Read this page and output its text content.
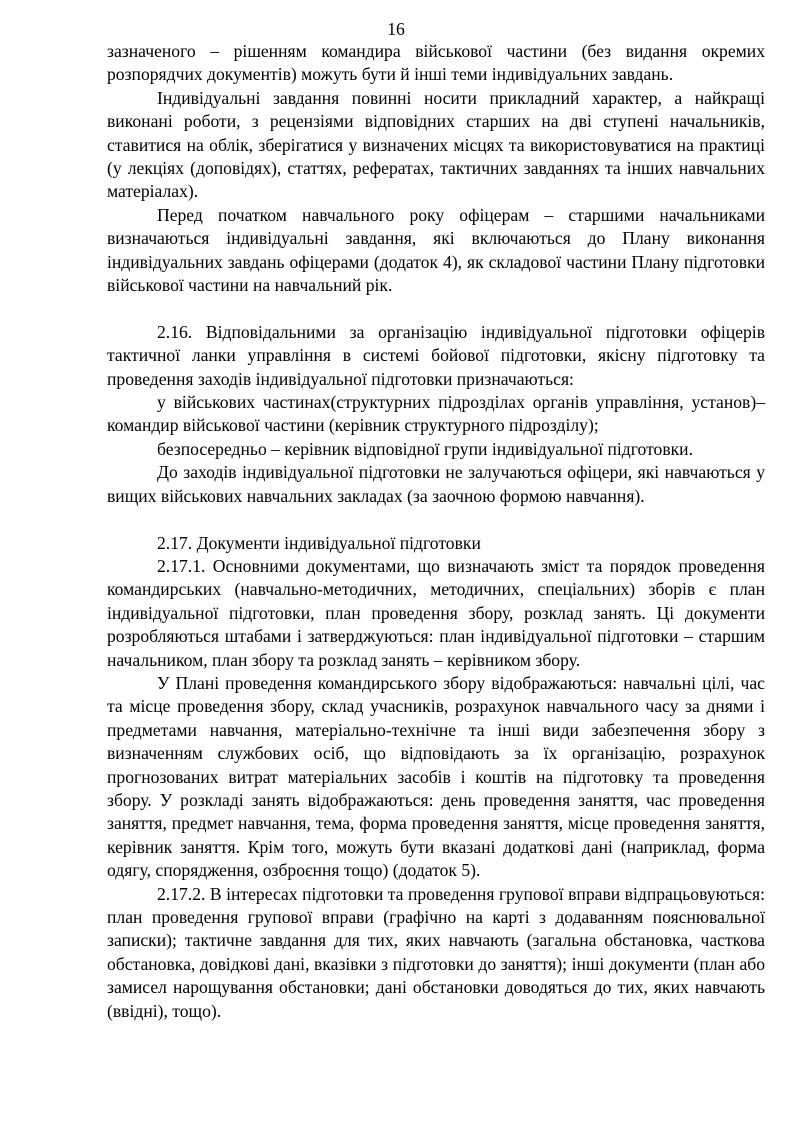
16

зазначеного – рішенням командира військової частини (без видання окремих розпорядчих документів) можуть бути й інші теми індивідуальних завдань.

Індивідуальні завдання повинні носити прикладний характер, а найкращі виконані роботи, з рецензіями відповідних старших на дві ступені начальників, ставитися на облік, зберігатися у визначених місцях та використовуватися на практиці (у лекціях (доповідях), статтях, рефератах, тактичних завданнях та інших навчальних матеріалах).

Перед початком навчального року офіцерам – старшими начальниками визначаються індивідуальні завдання, які включаються до Плану виконання індивідуальних завдань офіцерами (додаток 4), як складової частини Плану підготовки військової частини на навчальний рік.

2.16. Відповідальними за організацію індивідуальної підготовки офіцерів тактичної ланки управління в системі бойової підготовки, якісну підготовку та проведення заходів індивідуальної підготовки призначаються:

у військових частинах(структурних підрозділах органів управління, установ)– командир військової частини (керівник структурного підрозділу);

безпосередньо – керівник відповідної групи індивідуальної підготовки.

До заходів індивідуальної підготовки не залучаються офіцери, які навчаються у вищих військових навчальних закладах (за заочною формою навчання).

2.17. Документи індивідуальної підготовки

2.17.1. Основними документами, що визначають зміст та порядок проведення командирських (навчально-методичних, методичних, спеціальних) зборів є план індивідуальної підготовки, план проведення збору, розклад занять. Ці документи розробляються штабами і затверджуються: план індивідуальної підготовки – старшим начальником, план збору та розклад занять – керівником збору.

У Плані проведення командирського збору відображаються: навчальні цілі, час та місце проведення збору, склад учасників, розрахунок навчального часу за днями і предметами навчання, матеріально-технічне та інші види забезпечення збору з визначенням службових осіб, що відповідають за їх організацію, розрахунок прогнозованих витрат матеріальних засобів і коштів на підготовку та проведення збору. У розкладі занять відображаються: день проведення заняття, час проведення заняття, предмет навчання, тема, форма проведення заняття, місце проведення заняття, керівник заняття. Крім того, можуть бути вказані додаткові дані (наприклад, форма одягу, спорядження, озброєння тощо) (додаток 5).

2.17.2. В інтересах підготовки та проведення групової вправи відпрацьовуються: план проведення групової вправи (графічно на карті з додаванням пояснювальної записки); тактичне завдання для тих, яких навчають (загальна обстановка, часткова обстановка, довідкові дані, вказівки з підготовки до заняття); інші документи (план або замисел нарощування обстановки; дані обстановки доводяться до тих, яких навчають (ввідні), тощо).
